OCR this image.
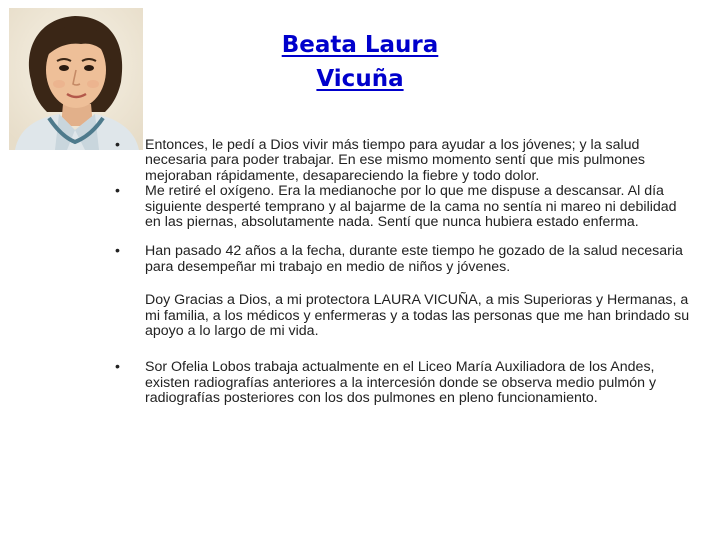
Beata Laura
Vicuña
•	Entonces, le pedí a Dios vivir más tiempo para ayudar a los jóvenes; y la salud necesaria para poder trabajar. En ese mismo momento sentí que mis pulmones mejoraban rápidamente, desapareciendo la fiebre y todo dolor.
•	Me retiré el oxígeno. Era la medianoche por lo que me dispuse a descansar. Al día siguiente desperté temprano y al bajarme de la cama no sentía ni mareo ni debilidad en las piernas, absolutamente nada. Sentí que nunca hubiera estado enferma.
•	Han pasado 42 años a la fecha, durante este tiempo he gozado de la salud necesaria para desempeñar mi trabajo en medio de niños y jóvenes.
Doy Gracias a Dios, a mi protectora LAURA VICUÑA, a mis Superioras y Hermanas, a mi familia, a los médicos y enfermeras y a todas las personas que me han brindado su apoyo a lo largo de mi vida.
•	Sor Ofelia Lobos trabaja actualmente en el Liceo María Auxiliadora de los Andes, existen radiografías anteriores a la intercesión donde se observa medio pulmón y radiografías posteriores con los dos pulmones en pleno funcionamiento.
